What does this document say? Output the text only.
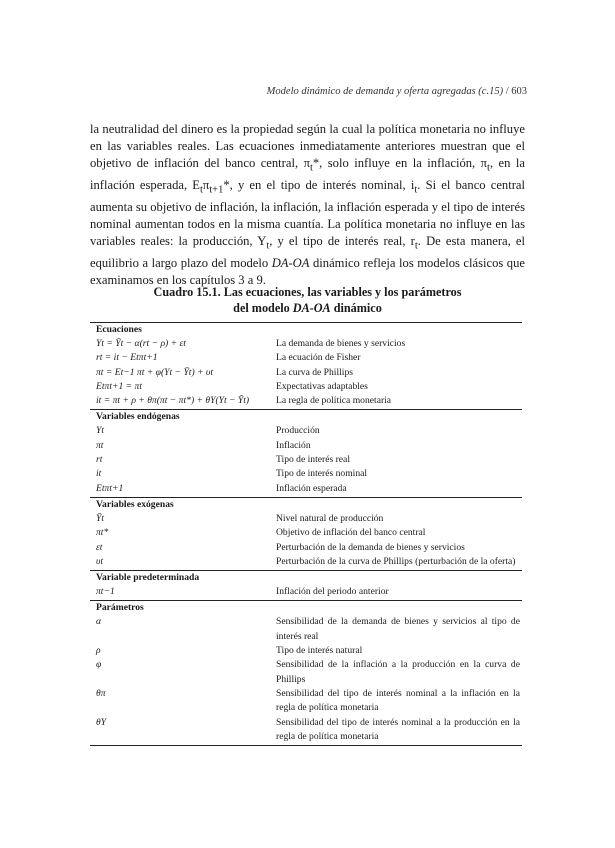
Modelo dinámico de demanda y oferta agregadas (c.15) / 603

la neutralidad del dinero es la propiedad según la cual la política monetaria no influye en las variables reales. Las ecuaciones inmediatamente anteriores muestran que el objetivo de inflación del banco central, $\pi_t*$, solo influye en la inflación, $\pi_t$, en la inflación esperada, $E_t\pi_{t+1}*$, y en el tipo de interés nominal, $i_t$. Si el banco central aumenta su objetivo de inflación, la inflación, la inflación esperada y el tipo de interés nominal aumentan todos en la misma cuantía. La política monetaria no influye en las variables reales: la producción, $Y_t$, y el tipo de interés real, $r_t$. De esta manera, el equilibrio a largo plazo del modelo DA-OA dinámico refleja los modelos clásicos que examinamos en los capítulos 3 a 9.

Cuadro 15.1. Las ecuaciones, las variables y los parámetros
del modelo DA-OA dinámico
Ecuaciones
Yt = Ȳt − α(rt − ρ) + εt	La demanda de bienes y servicios
rt = it − Etπt+1	La ecuación de Fisher
πt = Et−1 πt + φ(Yt − Ȳt) + υt	La curva de Phillips
Etπt+1 = πt	Expectativas adaptables
it = πt + ρ + θπ(πt − πt*) + θY(Yt − Ȳt)	La regla de política monetaria
Variables endógenas
Yt	Producción
πt	Inflación
rt	Tipo de interés real
it	Tipo de interés nominal
Etπt+1	Inflación esperada
Variables exógenas
Ȳt	Nivel natural de producción
πt*	Objetivo de inflación del banco central
εt	Perturbación de la demanda de bienes y servicios
υt	Perturbación de la curva de Phillips (perturbación de la oferta)
Variable predeterminada
πt−1	Inflación del periodo anterior
Parámetros
α	Sensibilidad de la demanda de bienes y servicios al tipo de interés real
ρ	Tipo de interés natural
φ	Sensibilidad de la inflación a la producción en la curva de Phillips
θπ	Sensibilidad del tipo de interés nominal a la inflación en la regla de política monetaria
θY	Sensibilidad del tipo de interés nominal a la producción en la regla de política monetaria
